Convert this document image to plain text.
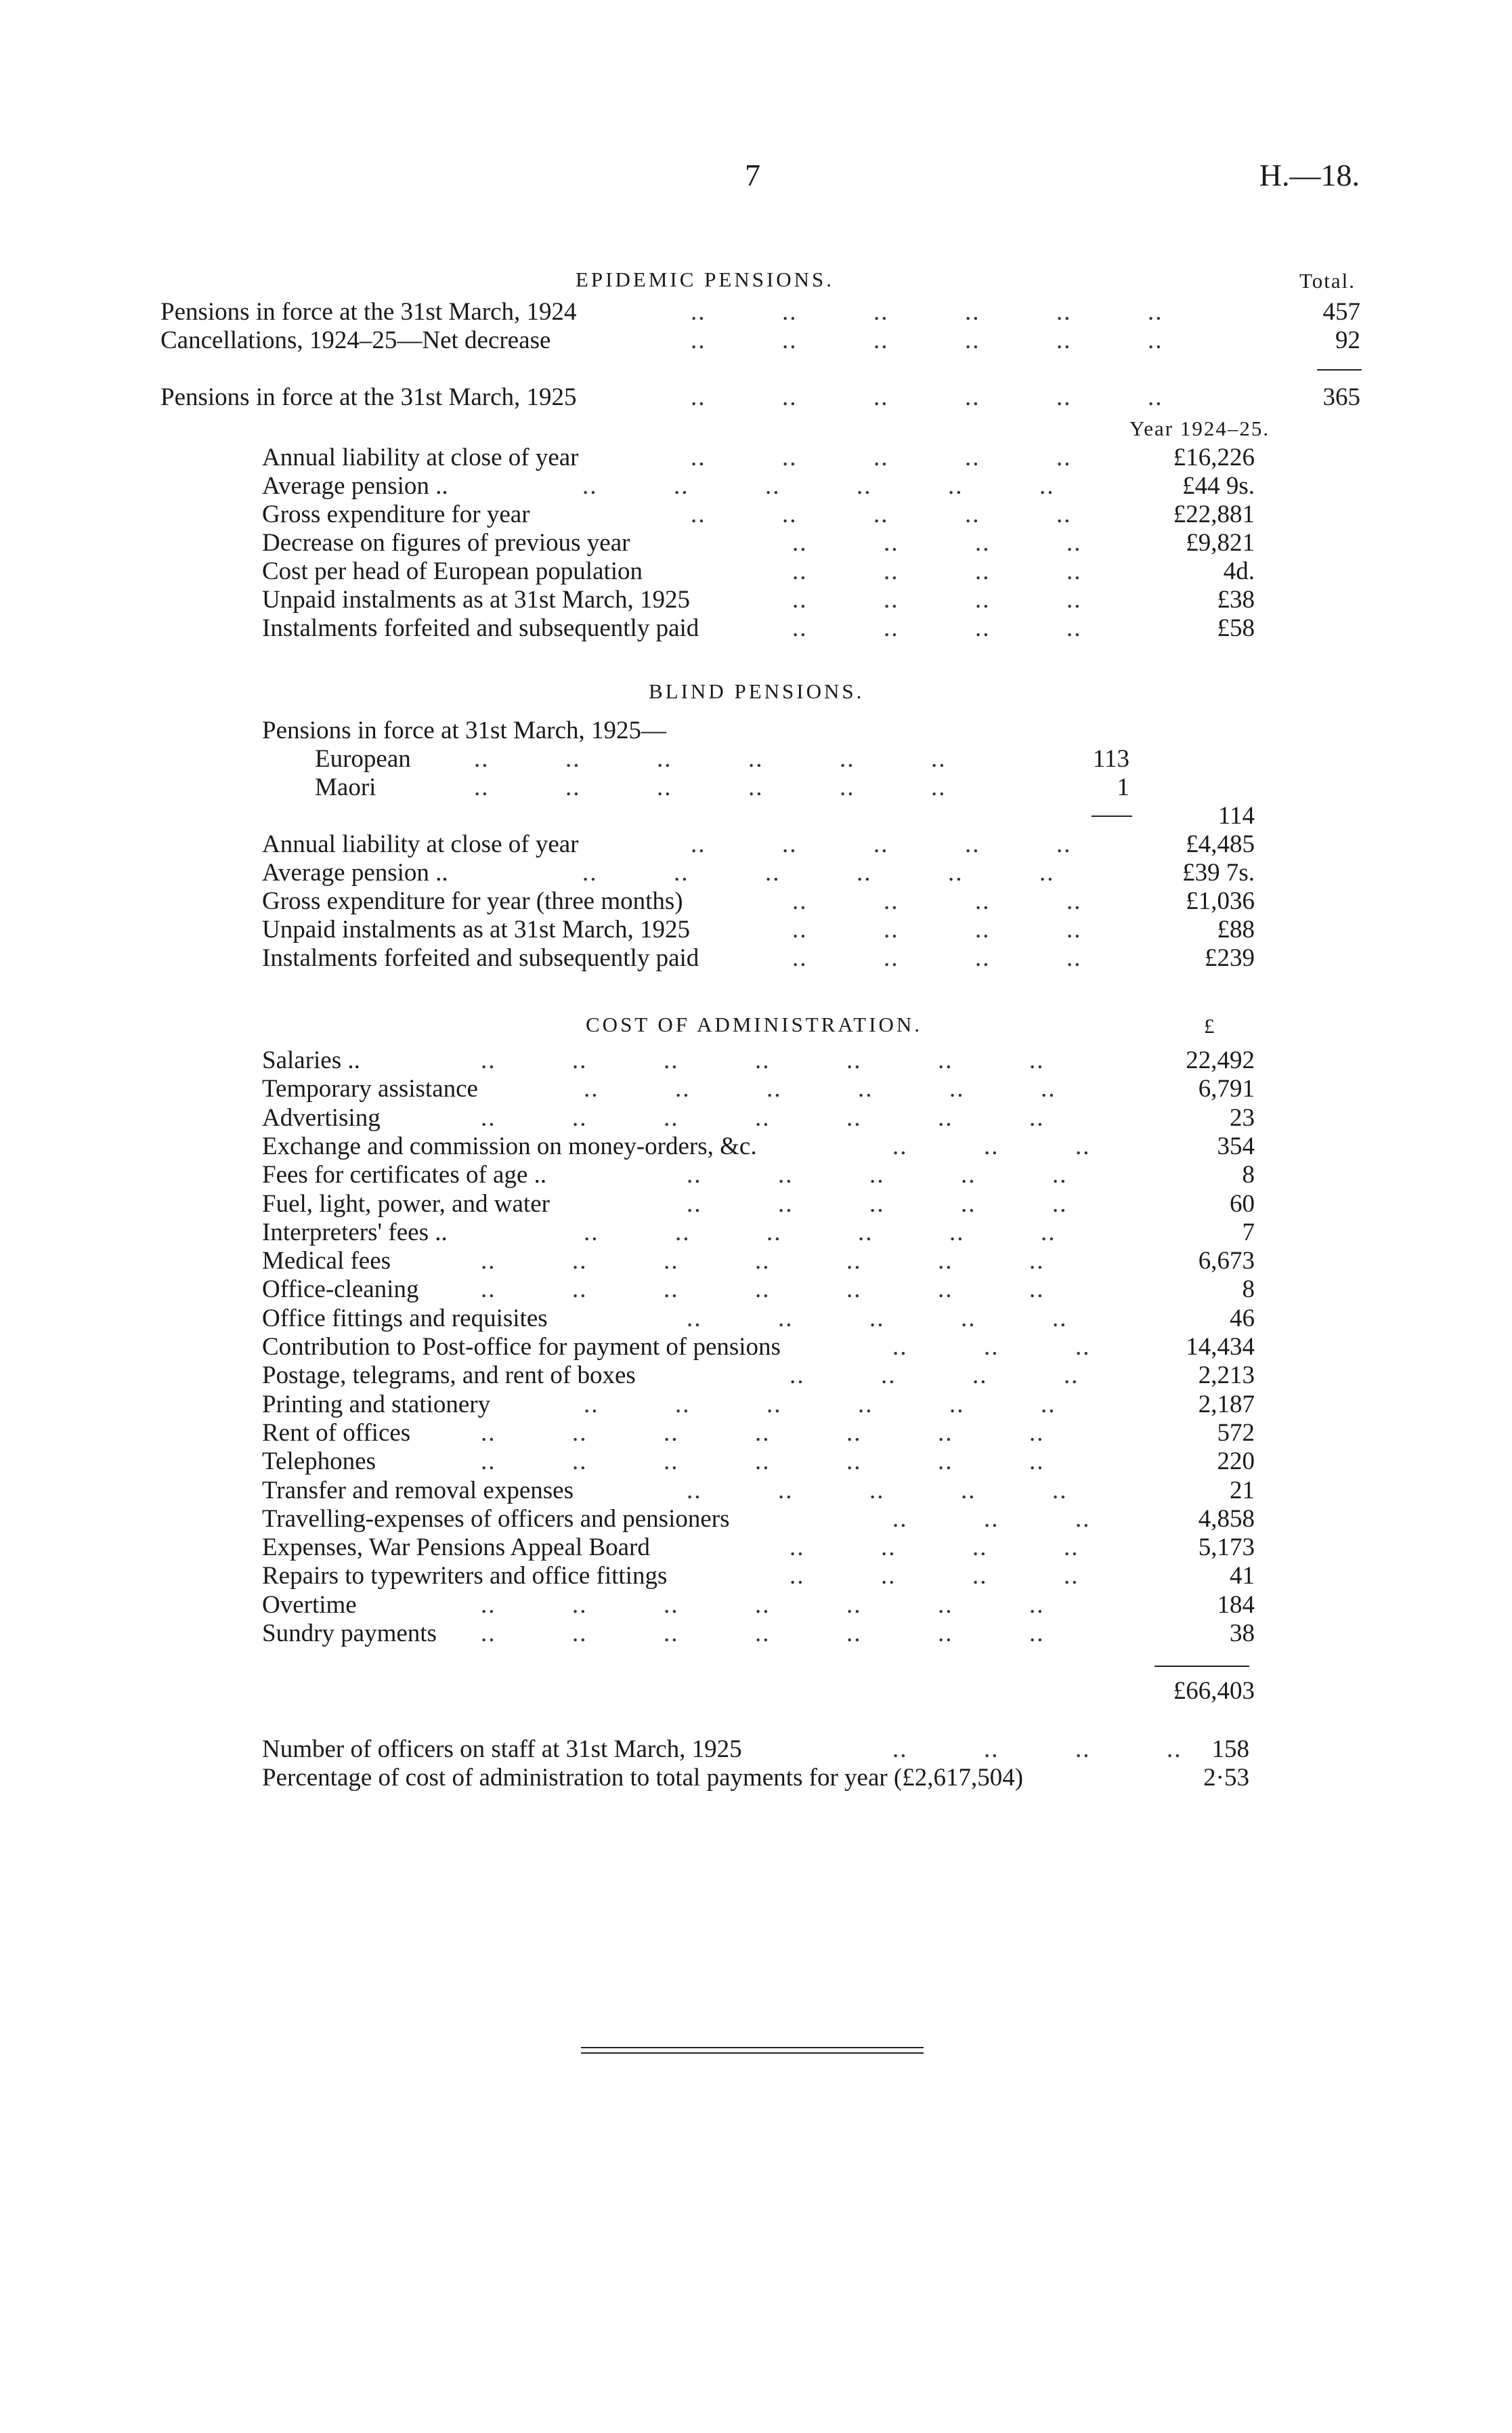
7	H.—18.
EPIDEMIC PENSIONS.	Total.
Pensions in force at the 31st March, 1924	..          ..          ..          ..          ..          ..	457
Cancellations, 1924–25—Net decrease	..          ..          ..          ..          ..          ..	92
Pensions in force at the 31st March, 1925	..          ..          ..          ..          ..          ..	365
Year 1924–25.
Annual liability at close of year	..          ..          ..          ..          ..	£16,226
Average pension ..	..          ..          ..          ..          ..          ..	£44 9s.
Gross expenditure for year	..          ..          ..          ..          ..	£22,881
Decrease on figures of previous year	..          ..          ..          ..	£9,821
Cost per head of European population	..          ..          ..          ..	4d.
Unpaid instalments as at 31st March, 1925	..          ..          ..          ..	£38
Instalments forfeited and subsequently paid	..          ..          ..          ..	£58
BLIND PENSIONS.
Pensions in force at 31st March, 1925—
European	..          ..          ..          ..          ..          ..	113
Maori	..          ..          ..          ..          ..          ..	1
114
Annual liability at close of year	..          ..          ..          ..          ..	£4,485
Average pension ..	..          ..          ..          ..          ..          ..	£39 7s.
Gross expenditure for year (three months)	..          ..          ..          ..	£1,036
Unpaid instalments as at 31st March, 1925	..          ..          ..          ..	£88
Instalments forfeited and subsequently paid	..          ..          ..          ..	£239
COST OF ADMINISTRATION.	£
Salaries ..	..          ..          ..          ..          ..          ..          ..	22,492
Temporary assistance	..          ..          ..          ..          ..          ..	6,791
Advertising	..          ..          ..          ..          ..          ..          ..	23
Exchange and commission on money-orders, &c.	..          ..          ..	354
Fees for certificates of age ..	..          ..          ..          ..          ..	8
Fuel, light, power, and water	..          ..          ..          ..          ..	60
Interpreters' fees ..	..          ..          ..          ..          ..          ..	7
Medical fees	..          ..          ..          ..          ..          ..          ..	6,673
Office-cleaning ..          ..          ..          ..          ..          ..          ..	8
Office fittings and requisites	..          ..          ..          ..          ..	46
Contribution to Post-office for payment of pensions	..          ..          ..	14,434
Postage, telegrams, and rent of boxes	..          ..          ..          ..	2,213
Printing and stationery	..          ..          ..          ..          ..          ..	2,187
Rent of offices	..          ..          ..          ..          ..          ..          ..	572
Telephones	..          ..          ..          ..          ..          ..          ..	220
Transfer and removal expenses	..          ..          ..          ..          ..	21
Travelling-expenses of officers and pensioners	..          ..          ..	4,858
Expenses, War Pensions Appeal Board	..          ..          ..          ..	5,173
Repairs to typewriters and office fittings	..          ..          ..          ..	41
Overtime	..          ..          ..          ..          ..          ..          ..	184
Sundry payments ..          ..          ..          ..          ..          ..          ..	38
£66,403
Number of officers on staff at 31st March, 1925	..          ..          ..          .. 158
Percentage of cost of administration to total payments for year (£2,617,504)	2·53
